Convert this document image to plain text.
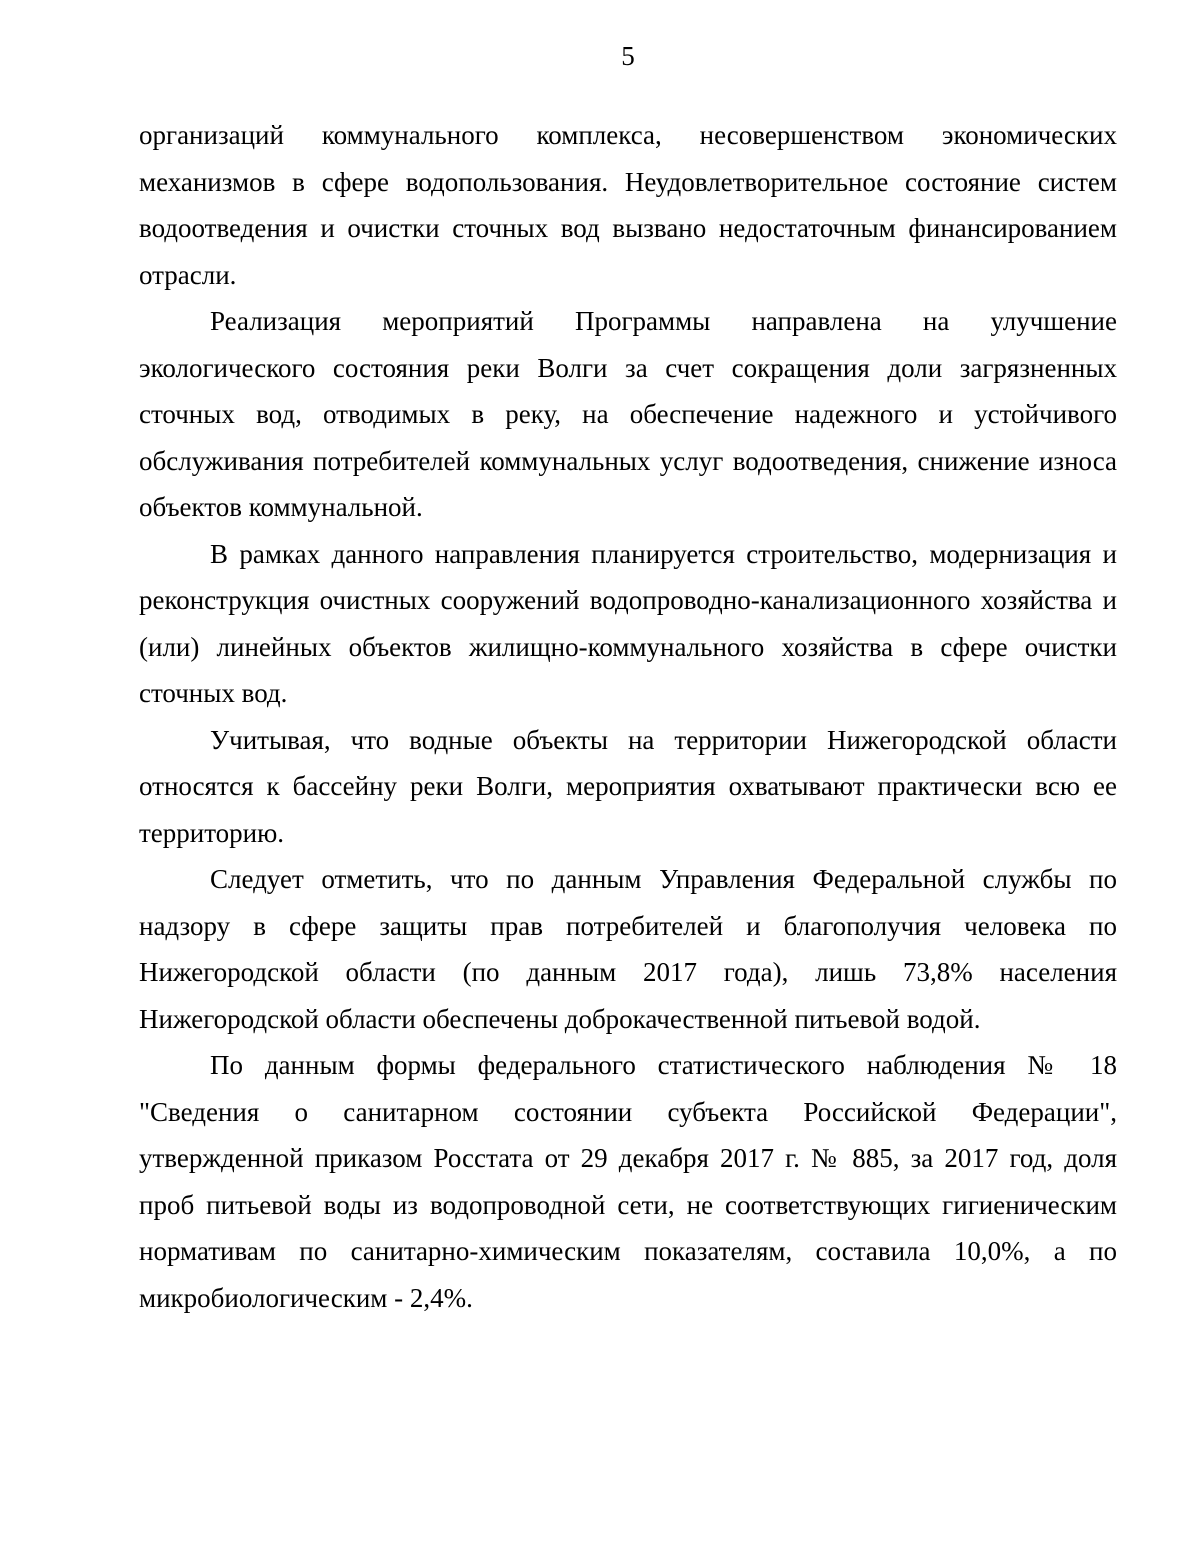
5

организаций коммунального комплекса, несовершенством экономических механизмов в сфере водопользования. Неудовлетворительное состояние систем водоотведения и очистки сточных вод вызвано недостаточным финансированием отрасли.

Реализация мероприятий Программы направлена на улучшение экологического состояния реки Волги за счет сокращения доли загрязненных сточных вод, отводимых в реку, на обеспечение надежного и устойчивого обслуживания потребителей коммунальных услуг водоотведения, снижение износа объектов коммунальной.

В рамках данного направления планируется строительство, модернизация и реконструкция очистных сооружений водопроводно-канализационного хозяйства и (или) линейных объектов жилищно-коммунального хозяйства в сфере очистки сточных вод.

Учитывая, что водные объекты на территории Нижегородской области относятся к бассейну реки Волги, мероприятия охватывают практически всю ее территорию.

Следует отметить, что по данным Управления Федеральной службы по надзору в сфере защиты прав потребителей и благополучия человека по Нижегородской области (по данным 2017 года), лишь 73,8% населения Нижегородской области обеспечены доброкачественной питьевой водой.

По данным формы федерального статистического наблюдения № 18 "Сведения о санитарном состоянии субъекта Российской Федерации", утвержденной приказом Росстата от 29 декабря 2017 г. № 885, за 2017 год, доля проб питьевой воды из водопроводной сети, не соответствующих гигиеническим нормативам по санитарно-химическим показателям, составила 10,0%, а по микробиологическим - 2,4%.
